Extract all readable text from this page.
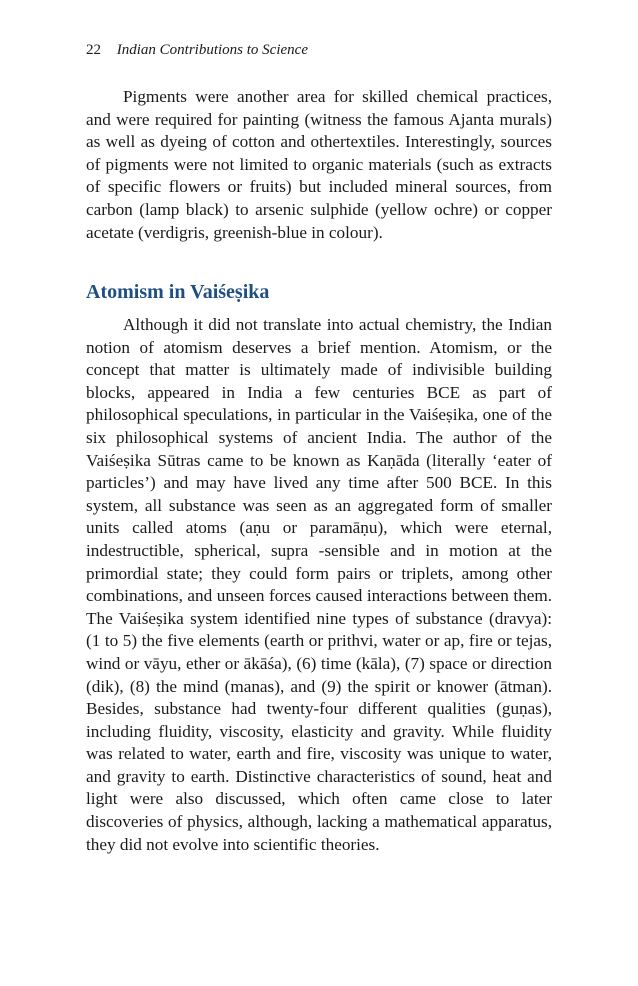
22 Indian Contributions to Science

Pigments were another area for skilled chemical practices, and were required for painting (witness the famous Ajanta murals) as well as dyeing of cotton and othertextiles. Interestingly, sources of pigments were not limited to organic materials (such as extracts of specific flowers or fruits) but included mineral sources, from carbon (lamp black) to arsenic sulphide (yellow ochre) or copper acetate (verdigris, greenish-blue in colour).

Atomism in Vaiśeṣika

Although it did not translate into actual chemistry, the Indian notion of atomism deserves a brief mention. Atomism, or the concept that matter is ultimately made of indivisible building blocks, appeared in India a few centuries BCE as part of philosophical speculations, in particular in the Vaiśeṣika, one of the six philosophical systems of ancient India. The author of the Vaiśeṣika Sūtras came to be known as Kaṇāda (literally ‘eater of particles’) and may have lived any time after 500 BCE. In this system, all substance was seen as an aggregated form of smaller units called atoms (aṇu or paramāṇu), which were eternal, indestructible, spherical, supra -sensible and in motion at the primordial state; they could form pairs or triplets, among other combinations, and unseen forces caused interactions between them. The Vaiśeṣika system identified nine types of substance (dravya): (1 to 5) the five elements (earth or prithvi, water or ap, fire or tejas, wind or vāyu, ether or ākāśa), (6) time (kāla), (7) space or direction (dik), (8) the mind (manas), and (9) the spirit or knower (ātman). Besides, substance had twenty-four different qualities (guṇas), including fluidity, viscosity, elasticity and gravity. While fluidity was related to water, earth and fire, viscosity was unique to water, and gravity to earth. Distinctive characteristics of sound, heat and light were also discussed, which often came close to later discoveries of physics, although, lacking a mathematical apparatus, they did not evolve into scientific theories.
